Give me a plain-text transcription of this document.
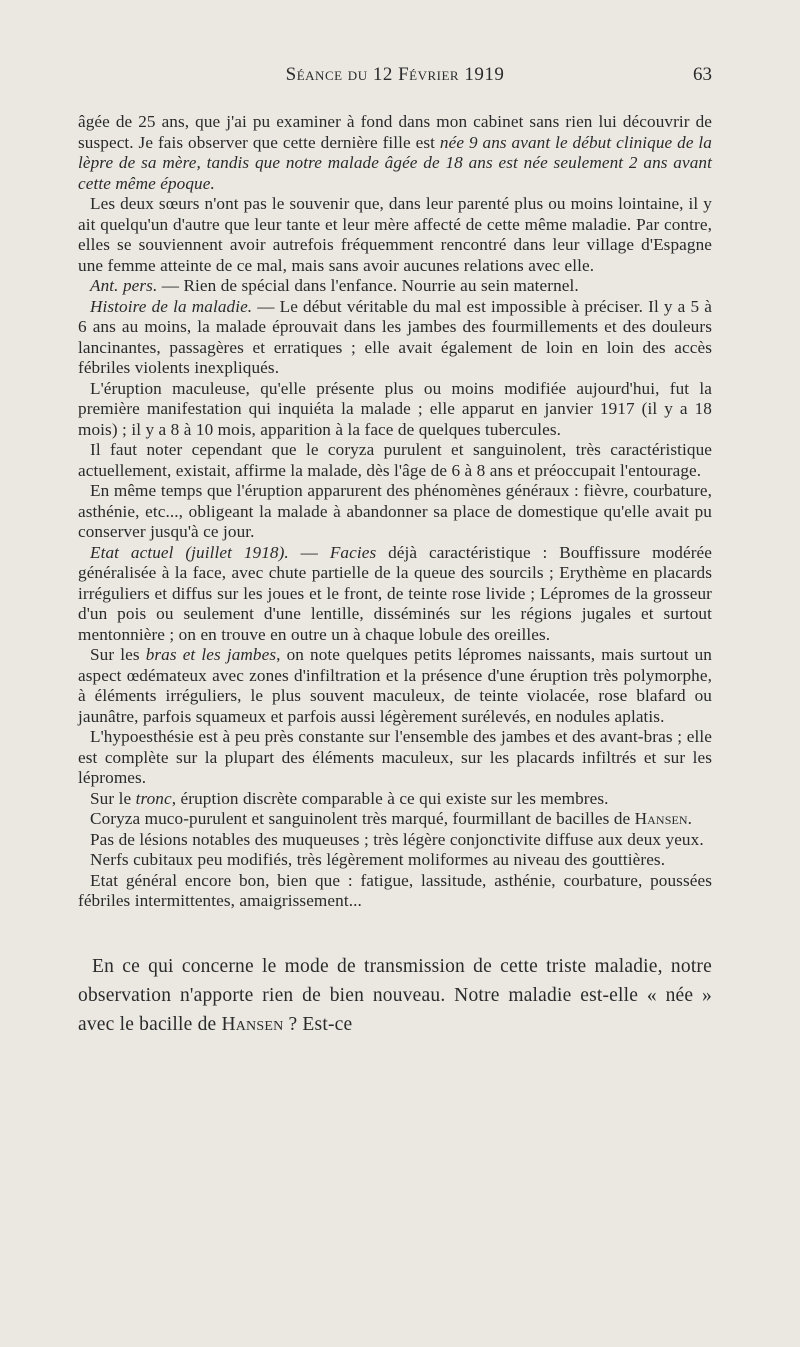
Séance du 12 Février 1919	63

âgée de 25 ans, que j'ai pu examiner à fond dans mon cabinet sans rien lui découvrir de suspect. Je fais observer que cette dernière fille est née 9 ans avant le début clinique de la lèpre de sa mère, tandis que notre malade âgée de 18 ans est née seulement 2 ans avant cette même époque.

Les deux sœurs n'ont pas le souvenir que, dans leur parenté plus ou moins lointaine, il y ait quelqu'un d'autre que leur tante et leur mère affecté de cette même maladie. Par contre, elles se souviennent avoir autrefois fréquemment rencontré dans leur village d'Espagne une femme atteinte de ce mal, mais sans avoir aucunes relations avec elle.

Ant. pers. — Rien de spécial dans l'enfance. Nourrie au sein maternel.

Histoire de la maladie. — Le début véritable du mal est impossible à préciser. Il y a 5 à 6 ans au moins, la malade éprouvait dans les jambes des fourmillements et des douleurs lancinantes, passagères et erratiques ; elle avait également de loin en loin des accès fébriles violents inexpliqués.

L'éruption maculeuse, qu'elle présente plus ou moins modifiée aujourd'hui, fut la première manifestation qui inquiéta la malade ; elle apparut en janvier 1917 (il y a 18 mois) ; il y a 8 à 10 mois, apparition à la face de quelques tubercules.

Il faut noter cependant que le coryza purulent et sanguinolent, très caractéristique actuellement, existait, affirme la malade, dès l'âge de 6 à 8 ans et préoccupait l'entourage.

En même temps que l'éruption apparurent des phénomènes généraux : fièvre, courbature, asthénie, etc..., obligeant la malade à abandonner sa place de domestique qu'elle avait pu conserver jusqu'à ce jour.

Etat actuel (juillet 1918). — Facies déjà caractéristique : Bouffissure modérée généralisée à la face, avec chute partielle de la queue des sourcils ; Erythème en placards irréguliers et diffus sur les joues et le front, de teinte rose livide ; Lépromes de la grosseur d'un pois ou seulement d'une lentille, disséminés sur les régions jugales et surtout mentonnière ; on en trouve en outre un à chaque lobule des oreilles.

Sur les bras et les jambes, on note quelques petits lépromes naissants, mais surtout un aspect œdémateux avec zones d'infiltration et la présence d'une éruption très polymorphe, à éléments irréguliers, le plus souvent maculeux, de teinte violacée, rose blafard ou jaunâtre, parfois squameux et parfois aussi légèrement surélevés, en nodules aplatis.

L'hypoesthésie est à peu près constante sur l'ensemble des jambes et des avant-bras ; elle est complète sur la plupart des éléments maculeux, sur les placards infiltrés et sur les lépromes.

Sur le tronc, éruption discrète comparable à ce qui existe sur les membres.

Coryza muco-purulent et sanguinolent très marqué, fourmillant de bacilles de Hansen.

Pas de lésions notables des muqueuses ; très légère conjonctivite diffuse aux deux yeux.

Nerfs cubitaux peu modifiés, très légèrement moliformes au niveau des gouttières.

Etat général encore bon, bien que : fatigue, lassitude, asthénie, courbature, poussées fébriles intermittentes, amaigrissement...

En ce qui concerne le mode de transmission de cette triste maladie, notre observation n'apporte rien de bien nouveau. Notre maladie est-elle « née » avec le bacille de Hansen ? Est-ce
